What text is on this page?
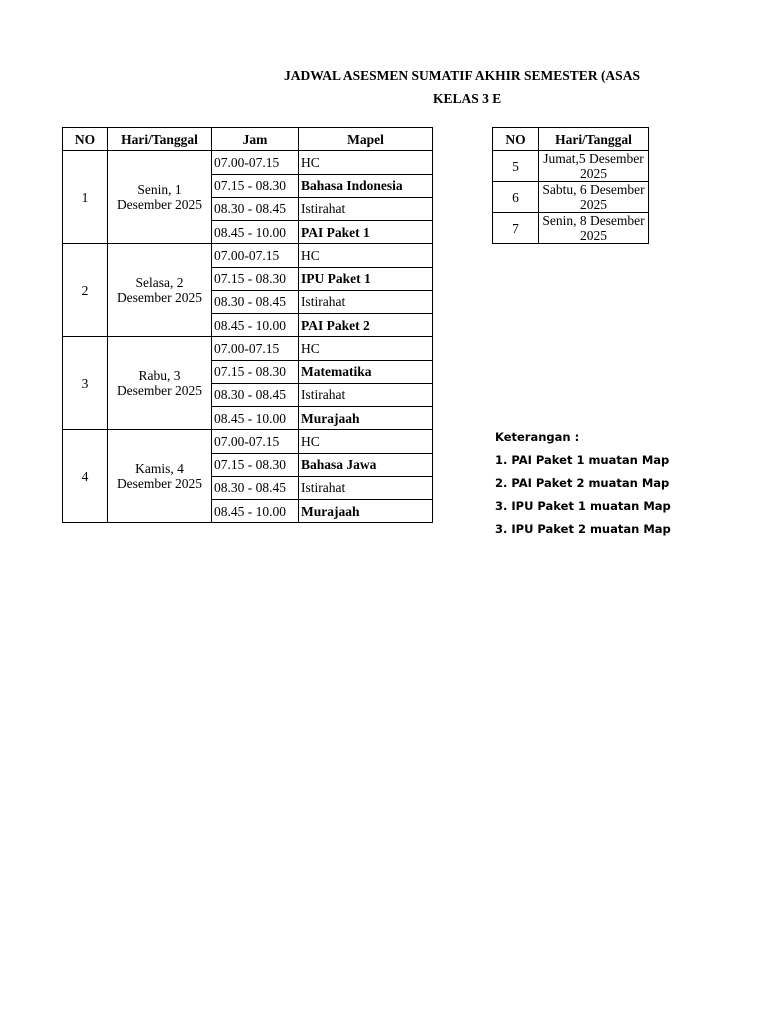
JADWAL ASESMEN SUMATIF AKHIR SEMESTER (ASAS
KELAS 3 E
NO	Hari/Tanggal	Jam	Mapel
1	Senin, 1 Desember 2025	07.00-07.15	HC
		07.15 - 08.30	Bahasa Indonesia
		08.30 - 08.45	Istirahat
		08.45 - 10.00	PAI Paket 1
2	Selasa, 2 Desember 2025	07.00-07.15	HC
		07.15 - 08.30	IPU Paket 1
		08.30 - 08.45	Istirahat
		08.45 - 10.00	PAI Paket 2
3	Rabu, 3 Desember 2025	07.00-07.15	HC
		07.15 - 08.30	Matematika
		08.30 - 08.45	Istirahat
		08.45 - 10.00	Murajaah
4	Kamis, 4 Desember 2025	07.00-07.15	HC
		07.15 - 08.30	Bahasa Jawa
		08.30 - 08.45	Istirahat
		08.45 - 10.00	Murajaah
NO	Hari/Tanggal
5	Jumat,5 Desember 2025

6	Sabtu, 6 Desember 2025

7	Senin, 8 Desember 2025

Keterangan :
1. PAI Paket 1 muatan Map
2. PAI Paket 2 muatan Map
3. IPU Paket 1 muatan Map
3. IPU Paket 2 muatan Map
